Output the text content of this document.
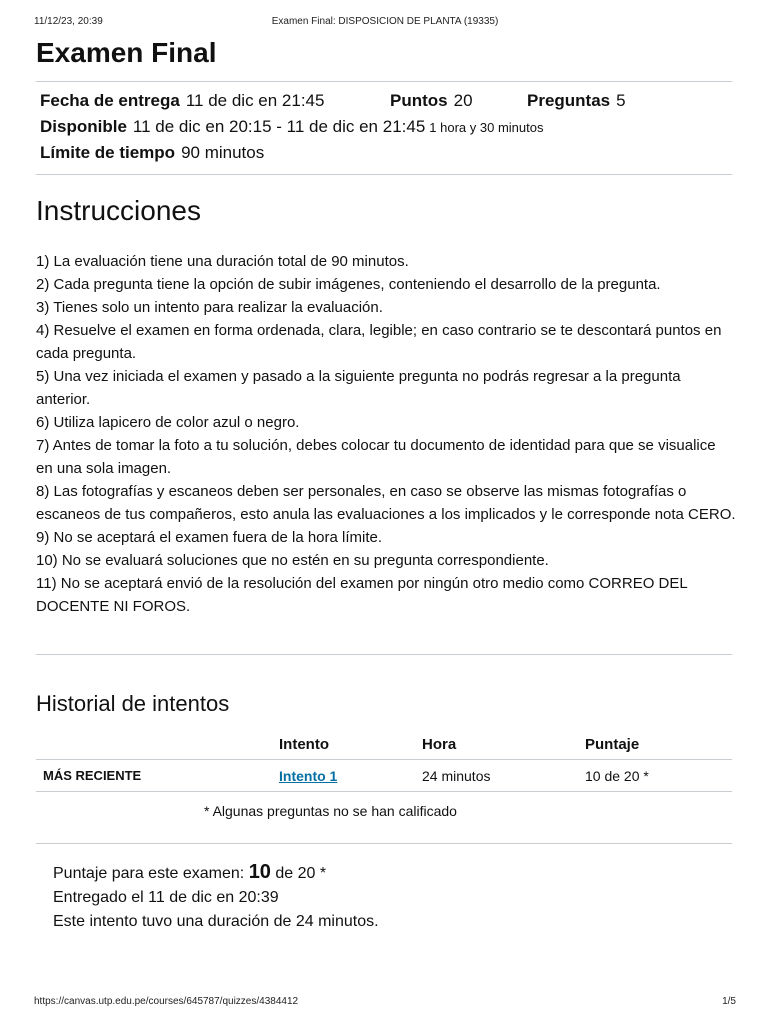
11/12/23, 20:39	Examen Final: DISPOSICION DE PLANTA (19335)
Examen Final
Fecha de entrega 11 de dic en 21:45	Puntos 20	Preguntas 5
Disponible 11 de dic en 20:15 - 11 de dic en 21:45 1 hora y 30 minutos
Límite de tiempo 90 minutos
Instrucciones

1) La evaluación tiene una duración total de 90 minutos.

2) Cada pregunta tiene la opción de subir imágenes, conteniendo el desarrollo de la pregunta.

3) Tienes solo un intento para realizar la evaluación.

4) Resuelve el examen en forma ordenada, clara, legible; en caso contrario se te descontará puntos en cada pregunta.

5) Una vez iniciada el examen y pasado a la siguiente pregunta no podrás regresar a la pregunta anterior.

6) Utiliza lapicero de color azul o negro.

7) Antes de tomar la foto a tu solución, debes colocar tu documento de identidad para que se visualice en una sola imagen.

8) Las fotografías y escaneos deben ser personales, en caso se observe las mismas fotografías o escaneos de tus compañeros, esto anula las evaluaciones a los implicados y le corresponde nota CERO.

9) No se aceptará el examen fuera de la hora límite.

10) No se evaluará soluciones que no estén en su pregunta correspondiente.

11) No se aceptará envió de la resolución del examen por ningún otro medio como CORREO DEL DOCENTE NI FOROS.

Historial de intentos
	Intento	Hora	Puntaje
MÁS RECIENTE	Intento 1	24 minutos	10 de 20 *
* Algunas preguntas no se han calificado
Puntaje para este examen: 10 de 20 *
Entregado el 11 de dic en 20:39
Este intento tuvo una duración de 24 minutos.
https://canvas.utp.edu.pe/courses/645787/quizzes/4384412	1/5
